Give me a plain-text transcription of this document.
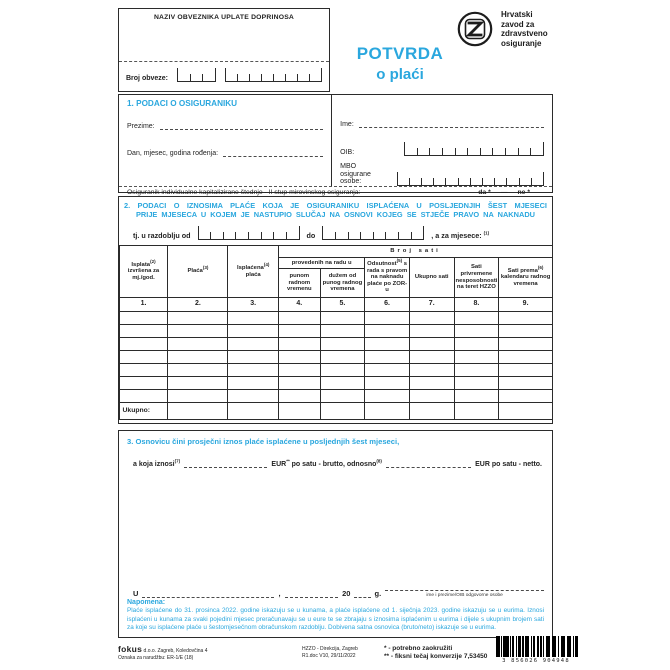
NAZIV OBVEZNIKA UPLATE DOPRINOSA
Broj obveze:
Hrvatski
zavod za
zdravstveno
osiguranje
POTVRDA
o plaći
1. PODACI O OSIGURANIKU
Prezime:
Dan, mjesec, godina rođenja:
Ime:
OIB:
MBO
osigurane osobe:
Osiguranik individualne kapitalizirane štednje - II stup mirovinskog osiguranja:	da * — ne *
2. PODACI O IZNOSIMA PLAĆE KOJA JE OSIGURANIKU ISPLAĆENA U POSLJEDNJIH ŠEST MJESECI
PRIJE MJESECA U KOJEM JE NASTUPIO SLUČAJ NA OSNOVI KOJEG SE STJEČE PRAVO NA NAKNADU
tj. u razdoblju od	do	, a za mjesece: $^{(1)}$
Isplata$^{(2)}$ izvršena za mj./god.	Plaća$^{(3)}$	Isplaćena$^{(4)}$ plaća	Broj sati					
			provedenih na radu u		Odsutnost$^{(5)}$ s rada s pravom na naknadu plaće po ZOR-u	Ukupno sati	Sati privremene nesposobnosti na teret HZZO	Sati prema$^{(6)}$ kalendaru radnog vremena
			punom radnom vremenu	dužem od punog radnog vremena				
1.	2.	3.	4.	5.	6.	7.	8.	9.

Ukupno:								
3. Osnovicu čini prosječni iznos plaće isplaćene u posljednjih šest mjeseci,
a koja iznosi$^{(7)}$	EUR** po satu - brutto, odnosno$^{(8)}$	EUR po satu - netto.
U	,	20	g.	ime i prezime/OIB odgovorne osobe
Napomena:
Plaće isplaćene do 31. prosinca 2022. godine iskazuju se u kunama, a plaće isplaćene od 1. siječnja 2023. godine iskazuju se u eurima. Iznosi isplaćeni u kunama za svaki pojedini mjesec preračunavaju se u eure te se zbrajaju s iznosima isplaćenim u eurima i dijele s ukupnim brojem sati za koje su isplaćene plaće u šestomjesečnom obračunskom razdoblju. Dobivena satna osnovica (bruto/neto) iskazuje se u eurima.
fokus d.o.o. Zagreb, Koledovčina 4
Oznaka za narudžbu: ER-1/E (18)
HZZO - Direkcija, Zagreb
R1.doc V10, 29/11/2022
* - potrebno zaokružiti
** - fiksni tečaj konverzije 7,53450
3 856026 904948
